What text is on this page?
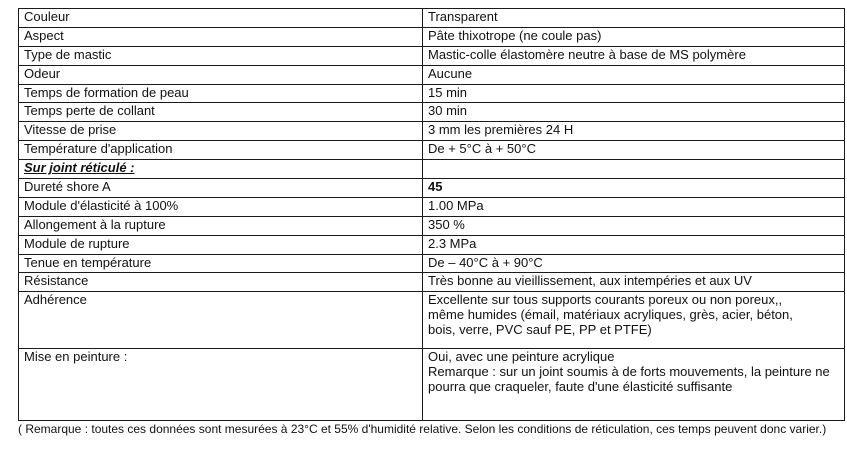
Couleur	Transparent
Aspect	Pâte thixotrope (ne coule pas)
Type de mastic	Mastic-colle élastomère neutre à base de MS polymère
Odeur	Aucune
Temps de formation de peau	15 min
Temps perte de collant	30 min
Vitesse de prise	3 mm les premières 24 H
Température d'application	De + 5°C à + 50°C
Sur joint réticulé :	
Dureté shore A	45
Module d'élasticité à 100%	1.00 MPa
Allongement à la rupture	350 %
Module de rupture	2.3 MPa
Tenue en température	De – 40°C à + 90°C
Résistance	Très bonne au vieillissement, aux intempéries et aux UV
Adhérence	Excellente sur tous supports courants poreux ou non poreux,, même humides (émail, matériaux acryliques, grès, acier, béton, bois, verre, PVC sauf PE, PP et PTFE)
Mise en peinture :	Oui, avec une peinture acrylique
Remarque : sur un joint soumis à de forts mouvements, la peinture ne pourra que craqueler, faute d'une élasticité suffisante
( Remarque : toutes ces données sont mesurées à 23°C et 55% d'humidité relative. Selon les conditions de réticulation, ces temps peuvent donc varier.)
